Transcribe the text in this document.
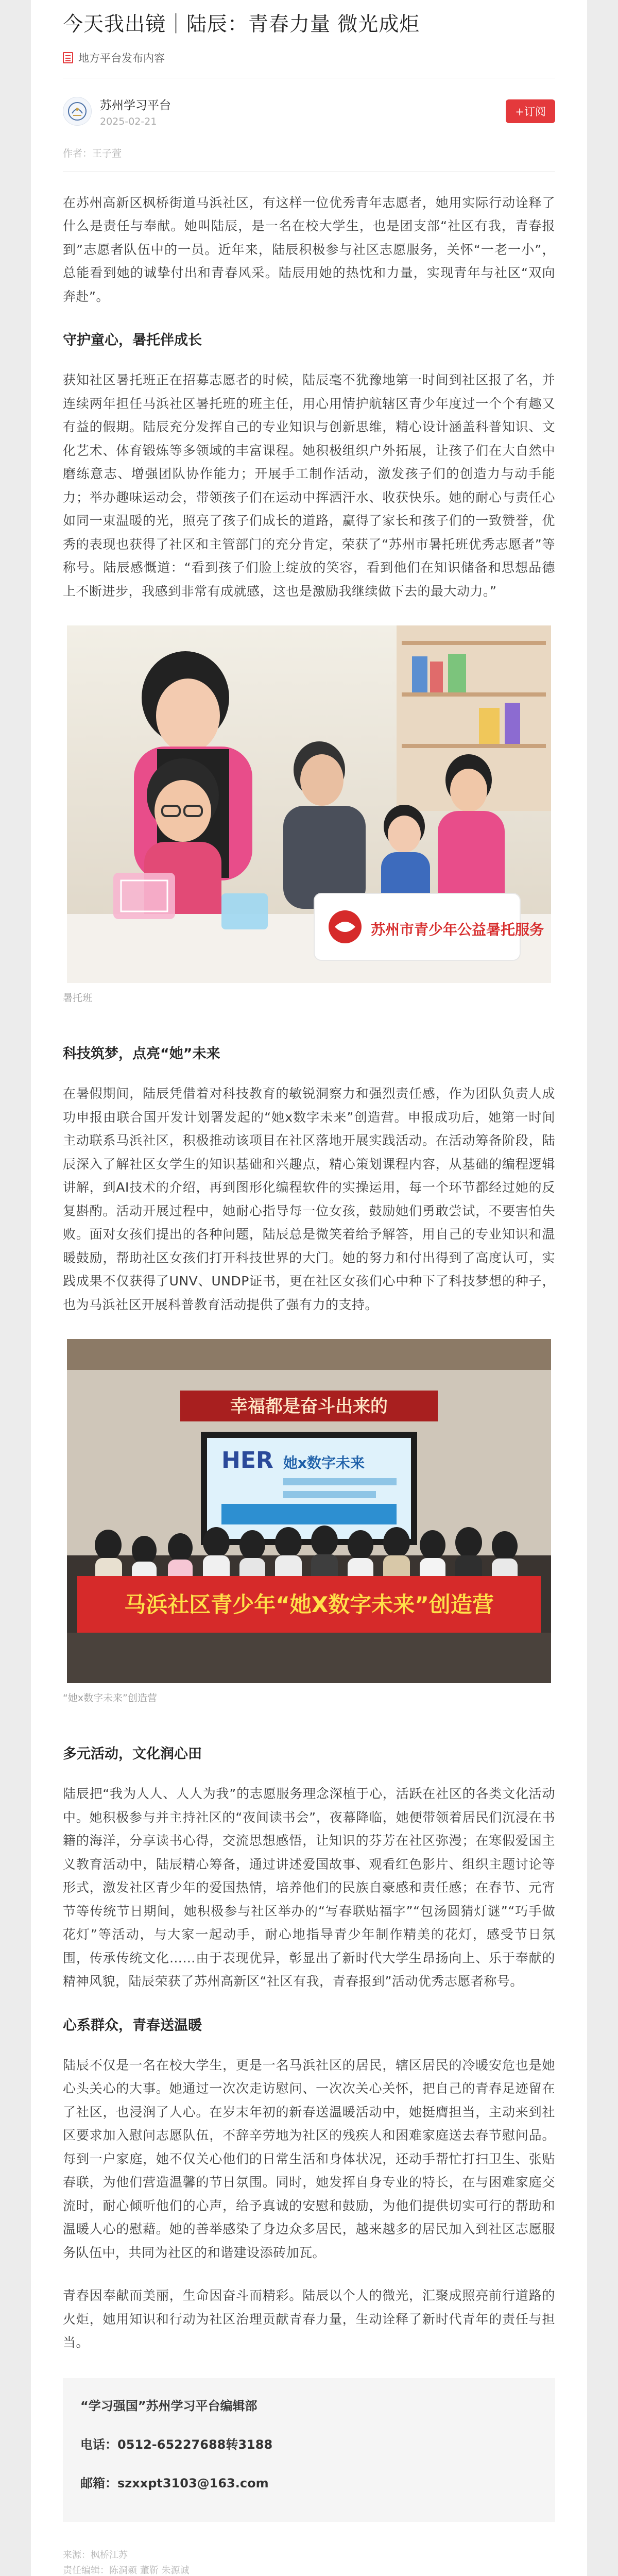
今天我出镜｜陆辰：青春力量 微光成炬
地方平台发布内容
苏州学习平台
2025-02-21
+订阅
作者：王子萱

在苏州高新区枫桥街道马浜社区，有这样一位优秀青年志愿者，她用实际行动诠释了什么是责任与奉献。她叫陆辰，是一名在校大学生，也是团支部“社区有我，青春报到”志愿者队伍中的一员。近年来，陆辰积极参与社区志愿服务，关怀“一老一小”，总能看到她的诚挚付出和青春风采。陆辰用她的热忱和力量，实现青年与社区“双向奔赴”。

守护童心，暑托伴成长

获知社区暑托班正在招募志愿者的时候，陆辰毫不犹豫地第一时间到社区报了名，并连续两年担任马浜社区暑托班的班主任，用心用情护航辖区青少年度过一个个有趣又有益的假期。陆辰充分发挥自己的专业知识与创新思维，精心设计涵盖科普知识、文化艺术、体育锻炼等多领域的丰富课程。她积极组织户外拓展，让孩子们在大自然中磨练意志、增强团队协作能力；开展手工制作活动，激发孩子们的创造力与动手能力；举办趣味运动会，带领孩子们在运动中挥洒汗水、收获快乐。她的耐心与责任心如同一束温暖的光，照亮了孩子们成长的道路，赢得了家长和孩子们的一致赞誉，优秀的表现也获得了社区和主管部门的充分肯定，荣获了“苏州市暑托班优秀志愿者”等称号。陆辰感慨道：“看到孩子们脸上绽放的笑容，看到他们在知识储备和思想品德上不断进步，我感到非常有成就感，这也是激励我继续做下去的最大动力。”

苏州市青少年公益暑托服务
暑托班
科技筑梦，点亮“她”未来

在暑假期间，陆辰凭借着对科技教育的敏锐洞察力和强烈责任感，作为团队负责人成功申报由联合国开发计划署发起的“她x数字未来”创造营。申报成功后，她第一时间主动联系马浜社区，积极推动该项目在社区落地开展实践活动。在活动筹备阶段，陆辰深入了解社区女学生的知识基础和兴趣点，精心策划课程内容，从基础的编程逻辑讲解，到AI技术的介绍，再到图形化编程软件的实操运用，每一个环节都经过她的反复斟酌。活动开展过程中，她耐心指导每一位女孩，鼓励她们勇敢尝试，不要害怕失败。面对女孩们提出的各种问题，陆辰总是微笑着给予解答，用自己的专业知识和温暖鼓励，帮助社区女孩们打开科技世界的大门。她的努力和付出得到了高度认可，实践成果不仅获得了UNV、UNDP证书，更在社区女孩们心中种下了科技梦想的种子，也为马浜社区开展科普教育活动提供了强有力的支持。

幸福都是奋斗出来的
HER 她x数字未来
马浜社区青少年“她X数字未来”创造营
“她x数字未来”创造营
多元活动，文化润心田

陆辰把“我为人人、人人为我”的志愿服务理念深植于心，活跃在社区的各类文化活动中。她积极参与并主持社区的“夜间读书会”，夜幕降临，她便带领着居民们沉浸在书籍的海洋，分享读书心得，交流思想感悟，让知识的芬芳在社区弥漫；在寒假爱国主义教育活动中，陆辰精心筹备，通过讲述爱国故事、观看红色影片、组织主题讨论等形式，激发社区青少年的爱国热情，培养他们的民族自豪感和责任感；在春节、元宵节等传统节日期间，她积极参与社区举办的“写春联贴福字”“包汤圆猜灯谜”“巧手做花灯”等活动，与大家一起动手，耐心地指导青少年制作精美的花灯，感受节日氛围，传承传统文化……由于表现优异，彰显出了新时代大学生昂扬向上、乐于奉献的精神风貌，陆辰荣获了苏州高新区“社区有我，青春报到”活动优秀志愿者称号。

心系群众，青春送温暖

陆辰不仅是一名在校大学生，更是一名马浜社区的居民，辖区居民的冷暖安危也是她心头关心的大事。她通过一次次走访慰问、一次次关心关怀，把自己的青春足迹留在了社区，也浸润了人心。在岁末年初的新春送温暖活动中，她挺膺担当，主动来到社区要求加入慰问志愿队伍，不辞辛劳地为社区的残疾人和困难家庭送去春节慰问品。每到一户家庭，她不仅关心他们的日常生活和身体状况，还动手帮忙打扫卫生、张贴春联，为他们营造温馨的节日氛围。同时，她发挥自身专业的特长，在与困难家庭交流时，耐心倾听他们的心声，给予真诚的安慰和鼓励，为他们提供切实可行的帮助和温暖人心的慰藉。她的善举感染了身边众多居民，越来越多的居民加入到社区志愿服务队伍中，共同为社区的和谐建设添砖加瓦。

青春因奉献而美丽，生命因奋斗而精彩。陆辰以个人的微光，汇聚成照亮前行道路的火炬，她用知识和行动为社区治理贡献青春力量，生动诠释了新时代青年的责任与担当。

“学习强国”苏州学习平台编辑部
电话：0512-65227688转3188
邮箱：szxxpt3103@163.com
来源：枫桥江苏
责任编辑：陈洞颖 董靳 朱源诚
